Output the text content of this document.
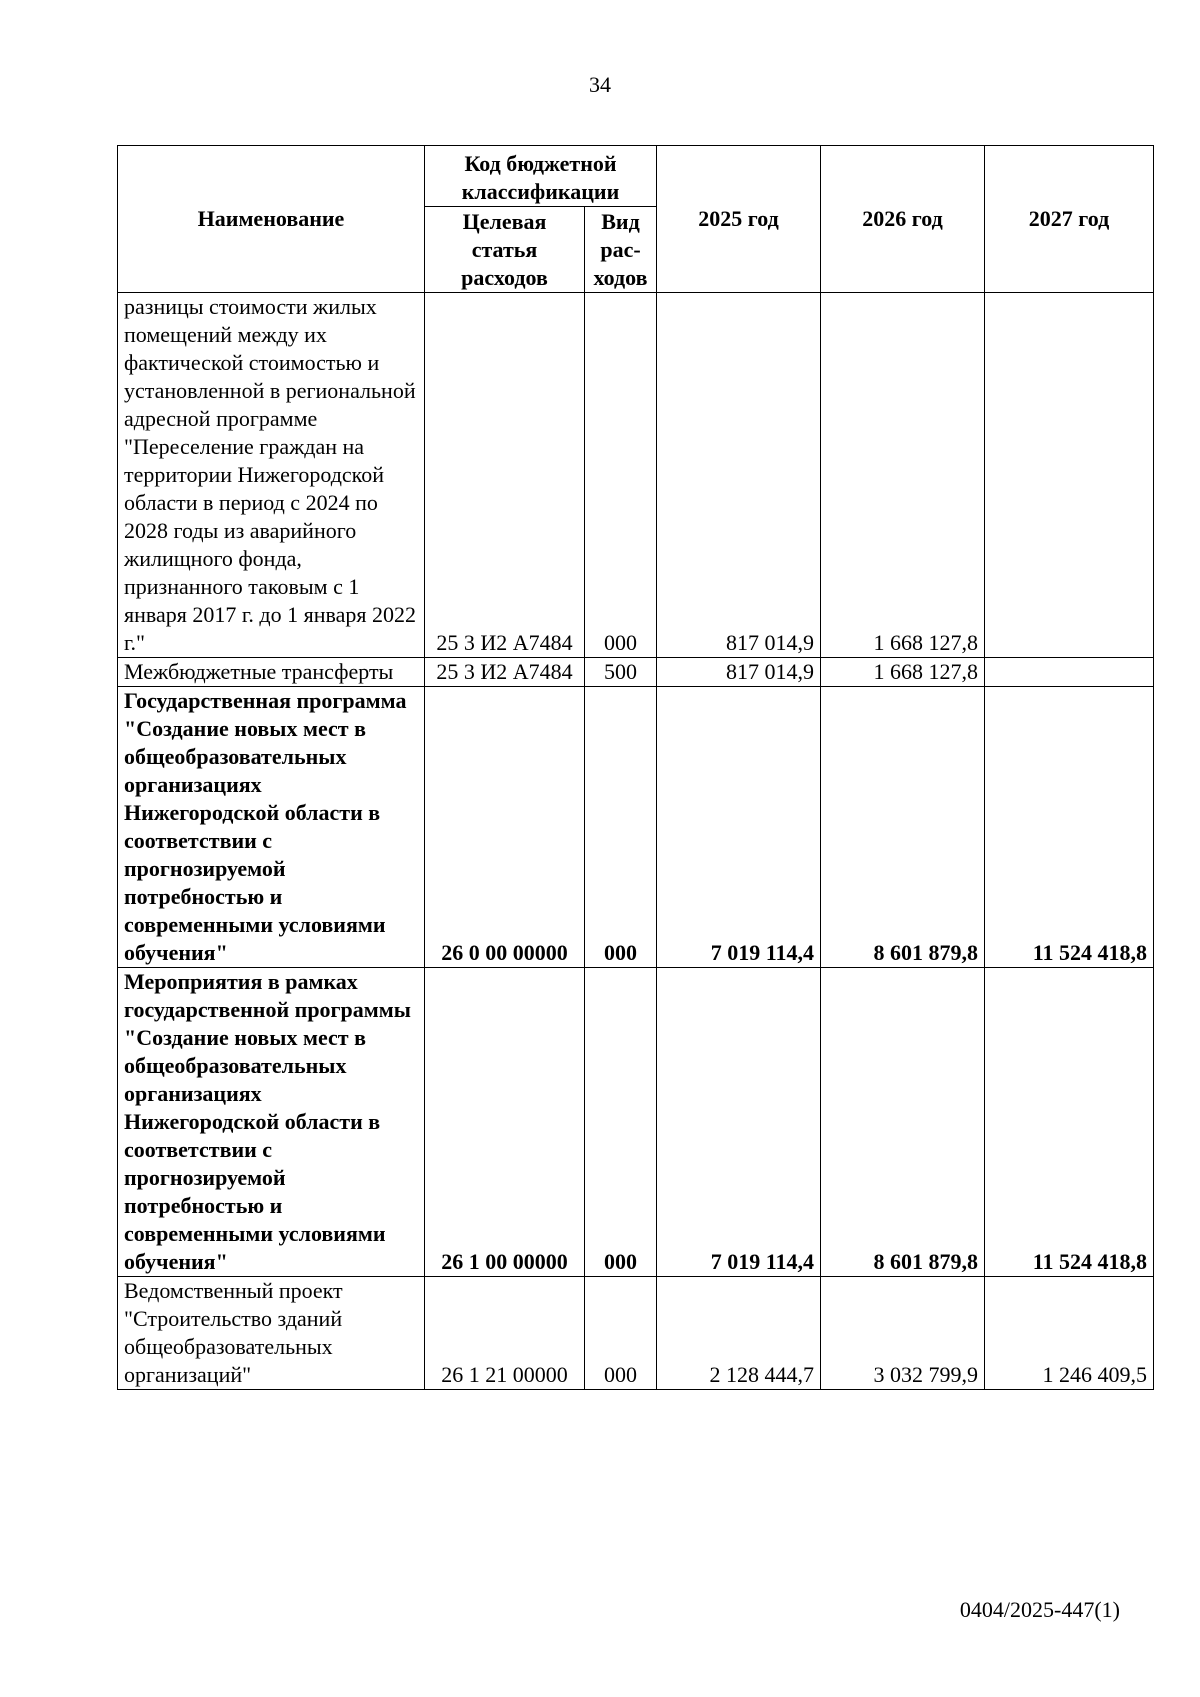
34
Наименование	Код бюджетной классификации		2025 год	2026 год	2027 год
	Целевая статья расходов	Вид рас-ходов			
разницы стоимости жилых помещений между их фактической стоимостью и установленной в региональной адресной программе "Переселение граждан на территории Нижегородской области в период с 2024 по 2028 годы из аварийного жилищного фонда, признанного таковым с 1 января 2017 г. до 1 января 2022 г."	25 3 И2 А7484	000	817 014,9	1 668 127,8	
Межбюджетные трансферты	25 3 И2 А7484	500	817 014,9	1 668 127,8	
Государственная программа "Создание новых мест в общеобразовательных организациях Нижегородской области в соответствии с прогнозируемой потребностью и современными условиями обучения"	26 0 00 00000	000	7 019 114,4	8 601 879,8	11 524 418,8
Мероприятия в рамках государственной программы "Создание новых мест в общеобразовательных организациях Нижегородской области в соответствии с прогнозируемой потребностью и современными условиями обучения"	26 1 00 00000	000	7 019 114,4	8 601 879,8	11 524 418,8
Ведомственный проект "Строительство зданий общеобразовательных организаций"	26 1 21 00000	000	2 128 444,7	3 032 799,9	1 246 409,5
0404/2025-447(1)
